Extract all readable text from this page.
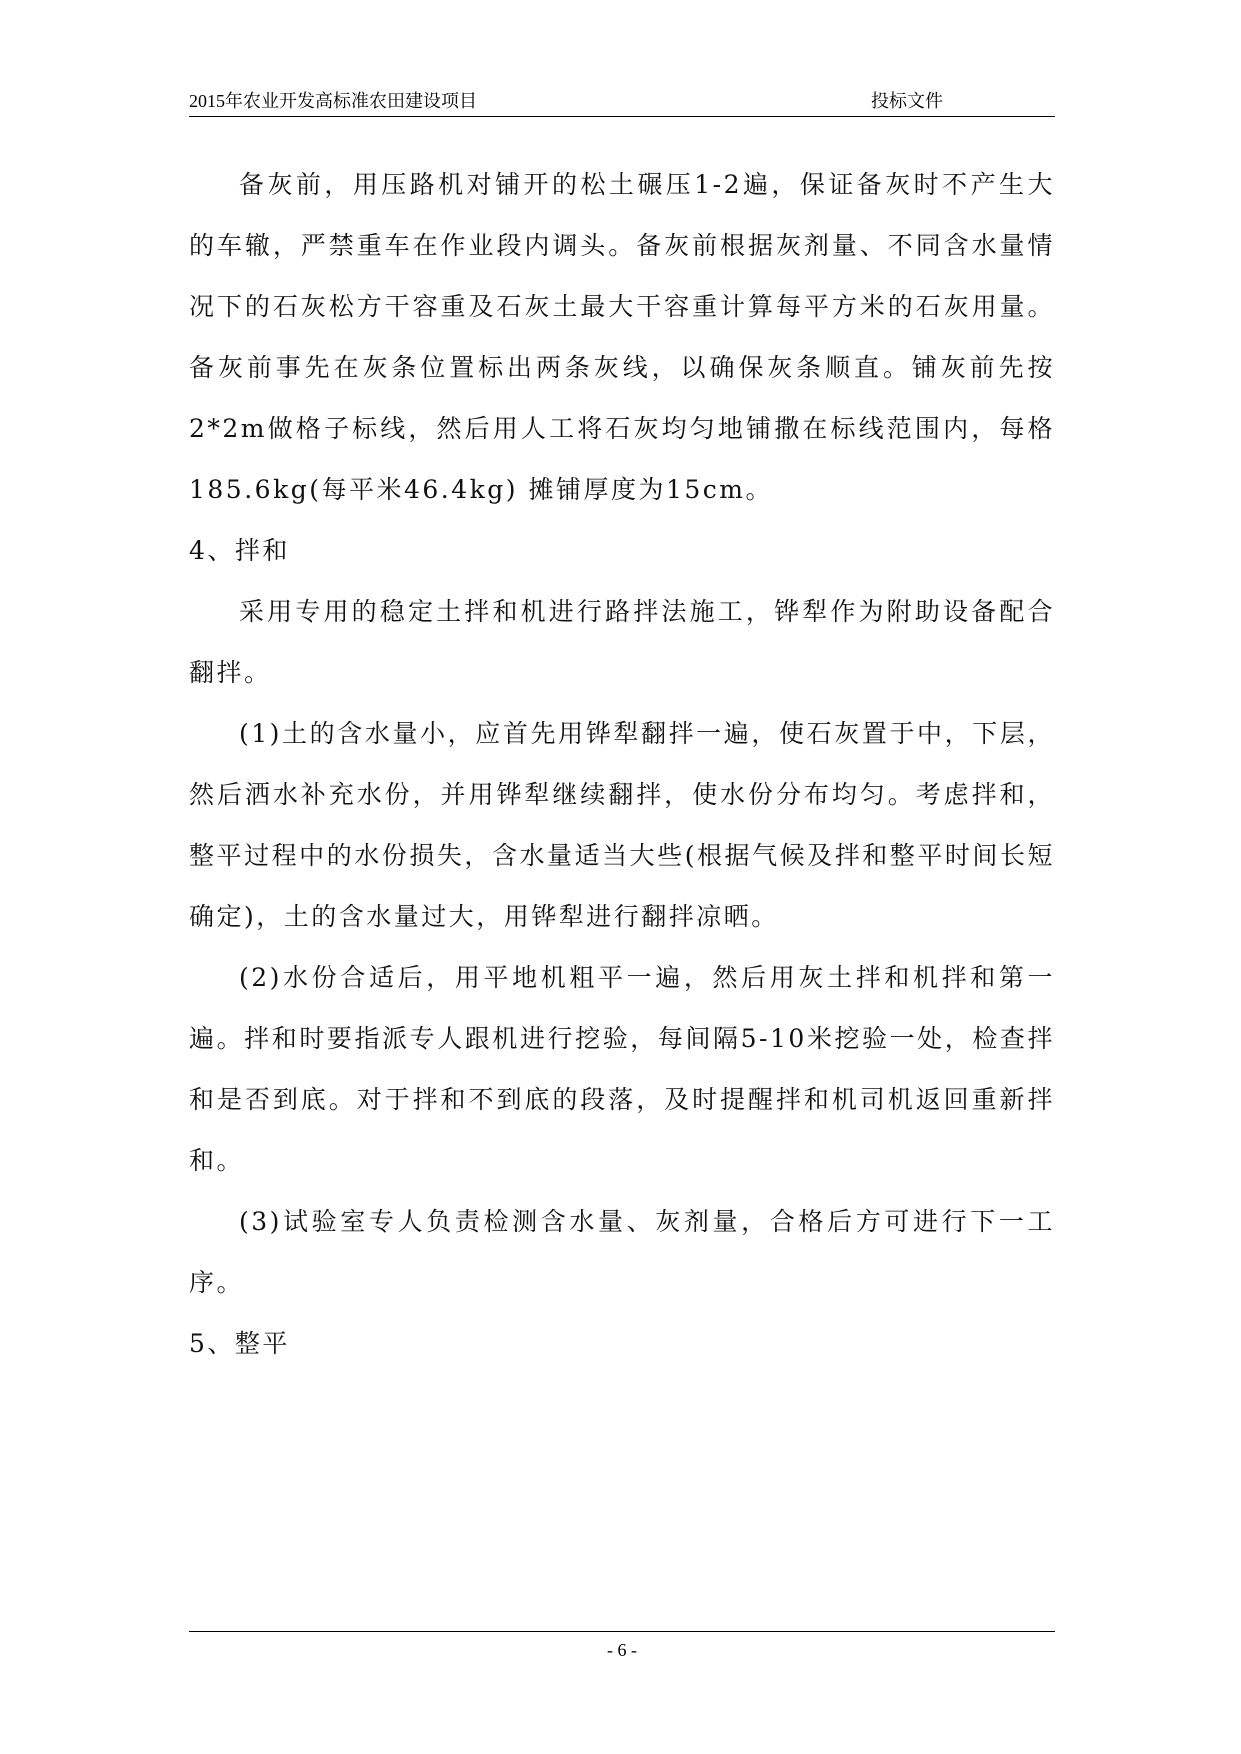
2015年农业开发高标准农田建设项目	投标文件

备灰前，用压路机对铺开的松土碾压1-2遍，保证备灰时不产生大的车辙，严禁重车在作业段内调头。备灰前根据灰剂量、不同含水量情况下的石灰松方干容重及石灰土最大干容重计算每平方米的石灰用量。备灰前事先在灰条位置标出两条灰线，以确保灰条顺直。铺灰前先按2*2m做格子标线，然后用人工将石灰均匀地铺撒在标线范围内，每格185.6kg(每平米46.4kg) 摊铺厚度为15cm。

4、拌和

采用专用的稳定土拌和机进行路拌法施工，铧犁作为附助设备配合翻拌。

(1)土的含水量小，应首先用铧犁翻拌一遍，使石灰置于中，下层，然后洒水补充水份，并用铧犁继续翻拌，使水份分布均匀。考虑拌和，整平过程中的水份损失，含水量适当大些(根据气候及拌和整平时间长短确定)，土的含水量过大，用铧犁进行翻拌凉晒。

(2)水份合适后，用平地机粗平一遍，然后用灰土拌和机拌和第一遍。拌和时要指派专人跟机进行挖验，每间隔5-10米挖验一处，检查拌和是否到底。对于拌和不到底的段落，及时提醒拌和机司机返回重新拌和。

(3)试验室专人负责检测含水量、灰剂量，合格后方可进行下一工序。

5、整平

- 6 -
